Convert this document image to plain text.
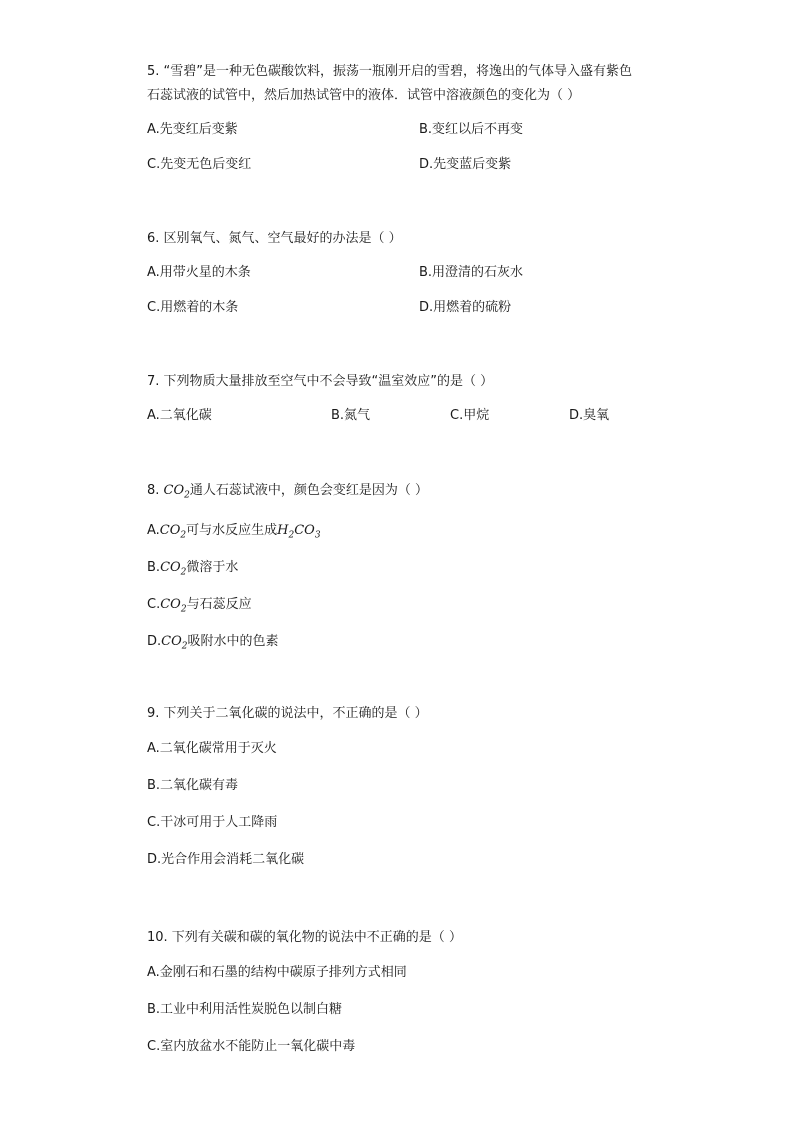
5. “雪碧”是一种无色碳酸饮料，振荡一瓶刚开启的雪碧，将逸出的气体导入盛有紫色
石蕊试液的试管中，然后加热试管中的液体．试管中溶液颜色的变化为（ ）

A.先变红后变紫	B.变红以后不再变
C.先变无色后变红	D.先变蓝后变紫

6. 区别氧气、氮气、空气最好的办法是（ ）

A.用带火星的木条	B.用澄清的石灰水
C.用燃着的木条	D.用燃着的硫粉

7. 下列物质大量排放至空气中不会导致“温室效应”的是（ ）

A.二氧化碳	B.氮气	C.甲烷	D.臭氧

8. $CO_2$通人石蕊试液中，颜色会变红是因为（ ）

$A.CO_2$可与水反应生成$H_2CO_3$
$B.CO_2$微溶于水
$C.CO_2$与石蕊反应
$D.CO_2$吸附水中的色素

9. 下列关于二氧化碳的说法中，不正确的是（ ）

A.二氧化碳常用于灭火
B.二氧化碳有毒
C.干冰可用于人工降雨
D.光合作用会消耗二氧化碳

10. 下列有关碳和碳的氧化物的说法中不正确的是（ ）

A.金刚石和石墨的结构中碳原子排列方式相同
B.工业中利用活性炭脱色以制白糖
C.室内放盆水不能防止一氧化碳中毒
